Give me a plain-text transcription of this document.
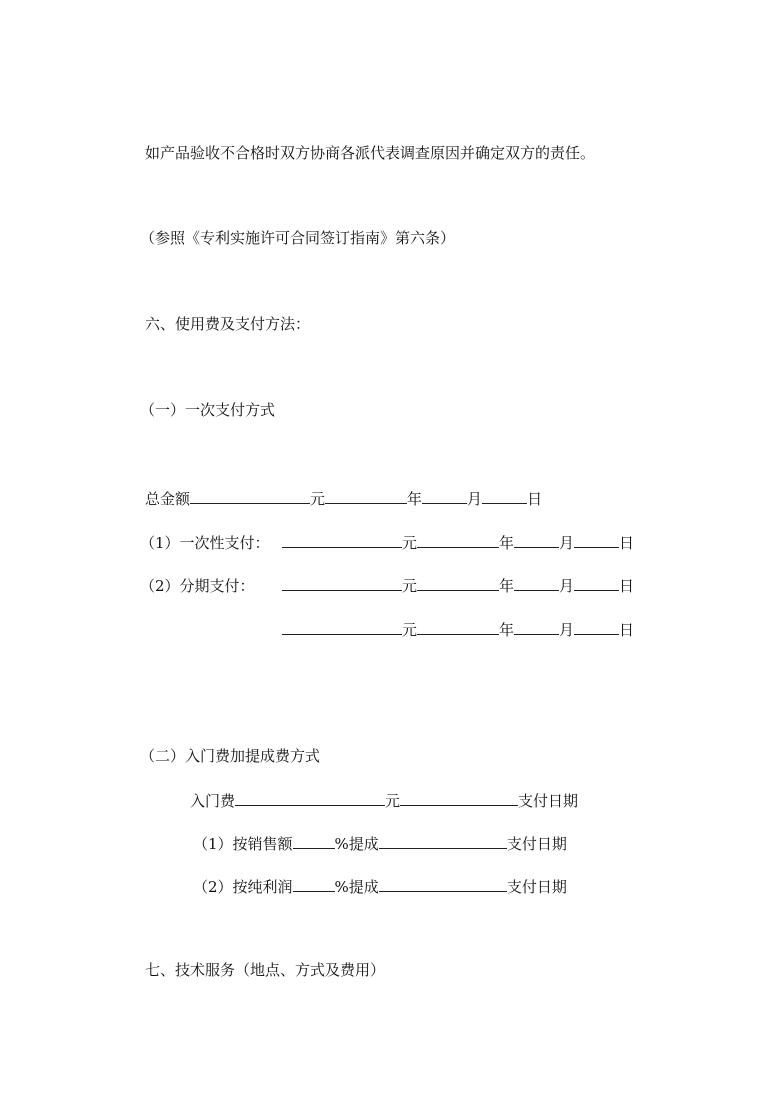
如产品验收不合格时双方协商各派代表调查原因并确定双方的责任。
（参照《专利实施许可合同签订指南》第六条）
六、使用费及支付方法：
（一）一次支付方式
总金额	元	年	月	日
（1）一次性支付：	元	年	月	日
（2）分期支付：	元	年	月	日
元	年	月	日
（二）入门费加提成费方式
入门费	元	支付日期
（1）按销售额	%提成	支付日期
（2）按纯利润	%提成	支付日期
七、技术服务（地点、方式及费用）
